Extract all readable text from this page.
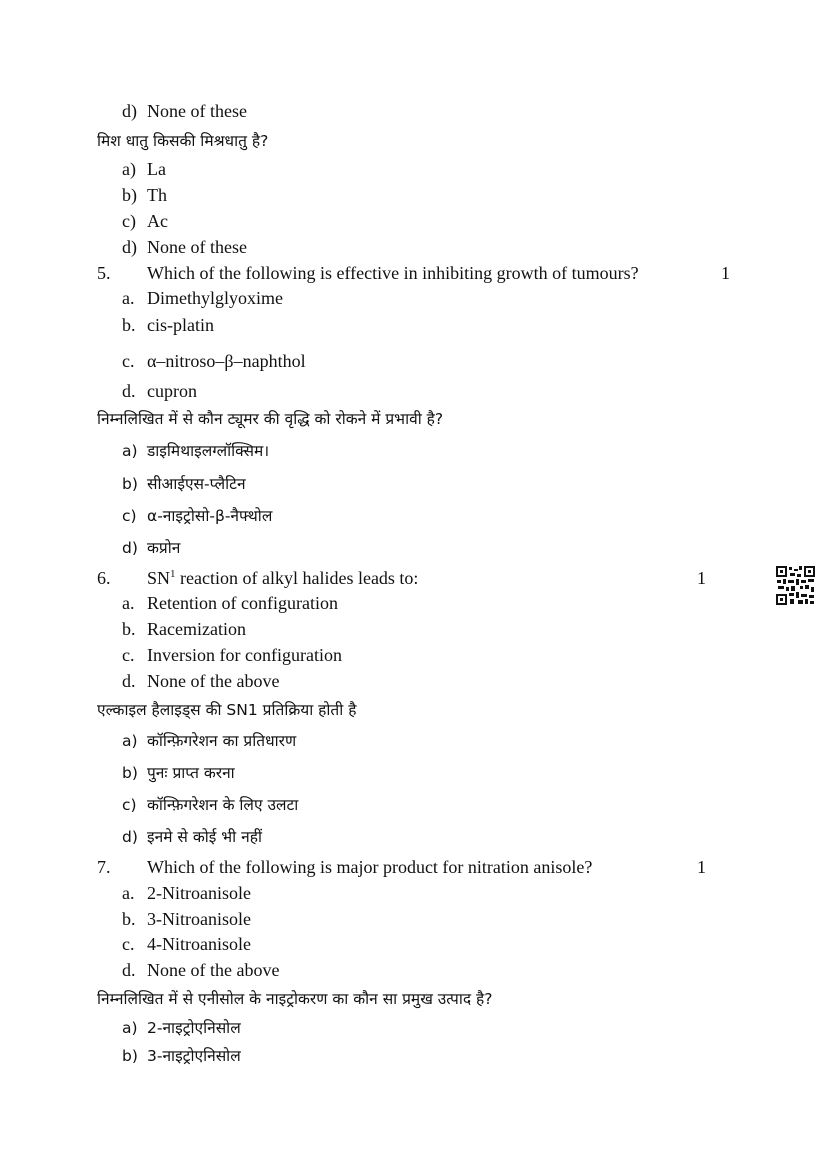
d) None of these
मिश धातु किसकी मिश्रधातु है?
a) La
b) Th
c) Ac
d) None of these
5. Which of the following is effective in inhibiting growth of tumours?	1
a. Dimethylglyoxime
b. cis-platin
c. α–nitroso–β–naphthol
d. cupron
निम्नलिखित में से कौन ट्यूमर की वृद्धि को रोकने में प्रभावी है?
a) डाइमिथाइलग्लॉक्सिम।
b) सीआईएस-प्लैटिन
c) α-नाइट्रोसो-β-नैफ्थोल
d) कप्रोन
6. $SN^1$ reaction of alkyl halides leads to:	1
a. Retention of configuration
b. Racemization
c. Inversion for configuration
d. None of the above
एल्काइल हैलाइड्स की SN1 प्रतिक्रिया होती है
a) कॉन्फ़िगरेशन का प्रतिधारण
b) पुनः प्राप्त करना
c) कॉन्फ़िगरेशन के लिए उलटा
d) इनमे से कोई भी नहीं
7. Which of the following is major product for nitration anisole?	1
a. 2-Nitroanisole
b. 3-Nitroanisole
c. 4-Nitroanisole
d. None of the above
निम्नलिखित में से एनीसोल के नाइट्रोकरण का कौन सा प्रमुख उत्पाद है?
a) 2-नाइट्रोएनिसोल
b) 3-नाइट्रोएनिसोल
